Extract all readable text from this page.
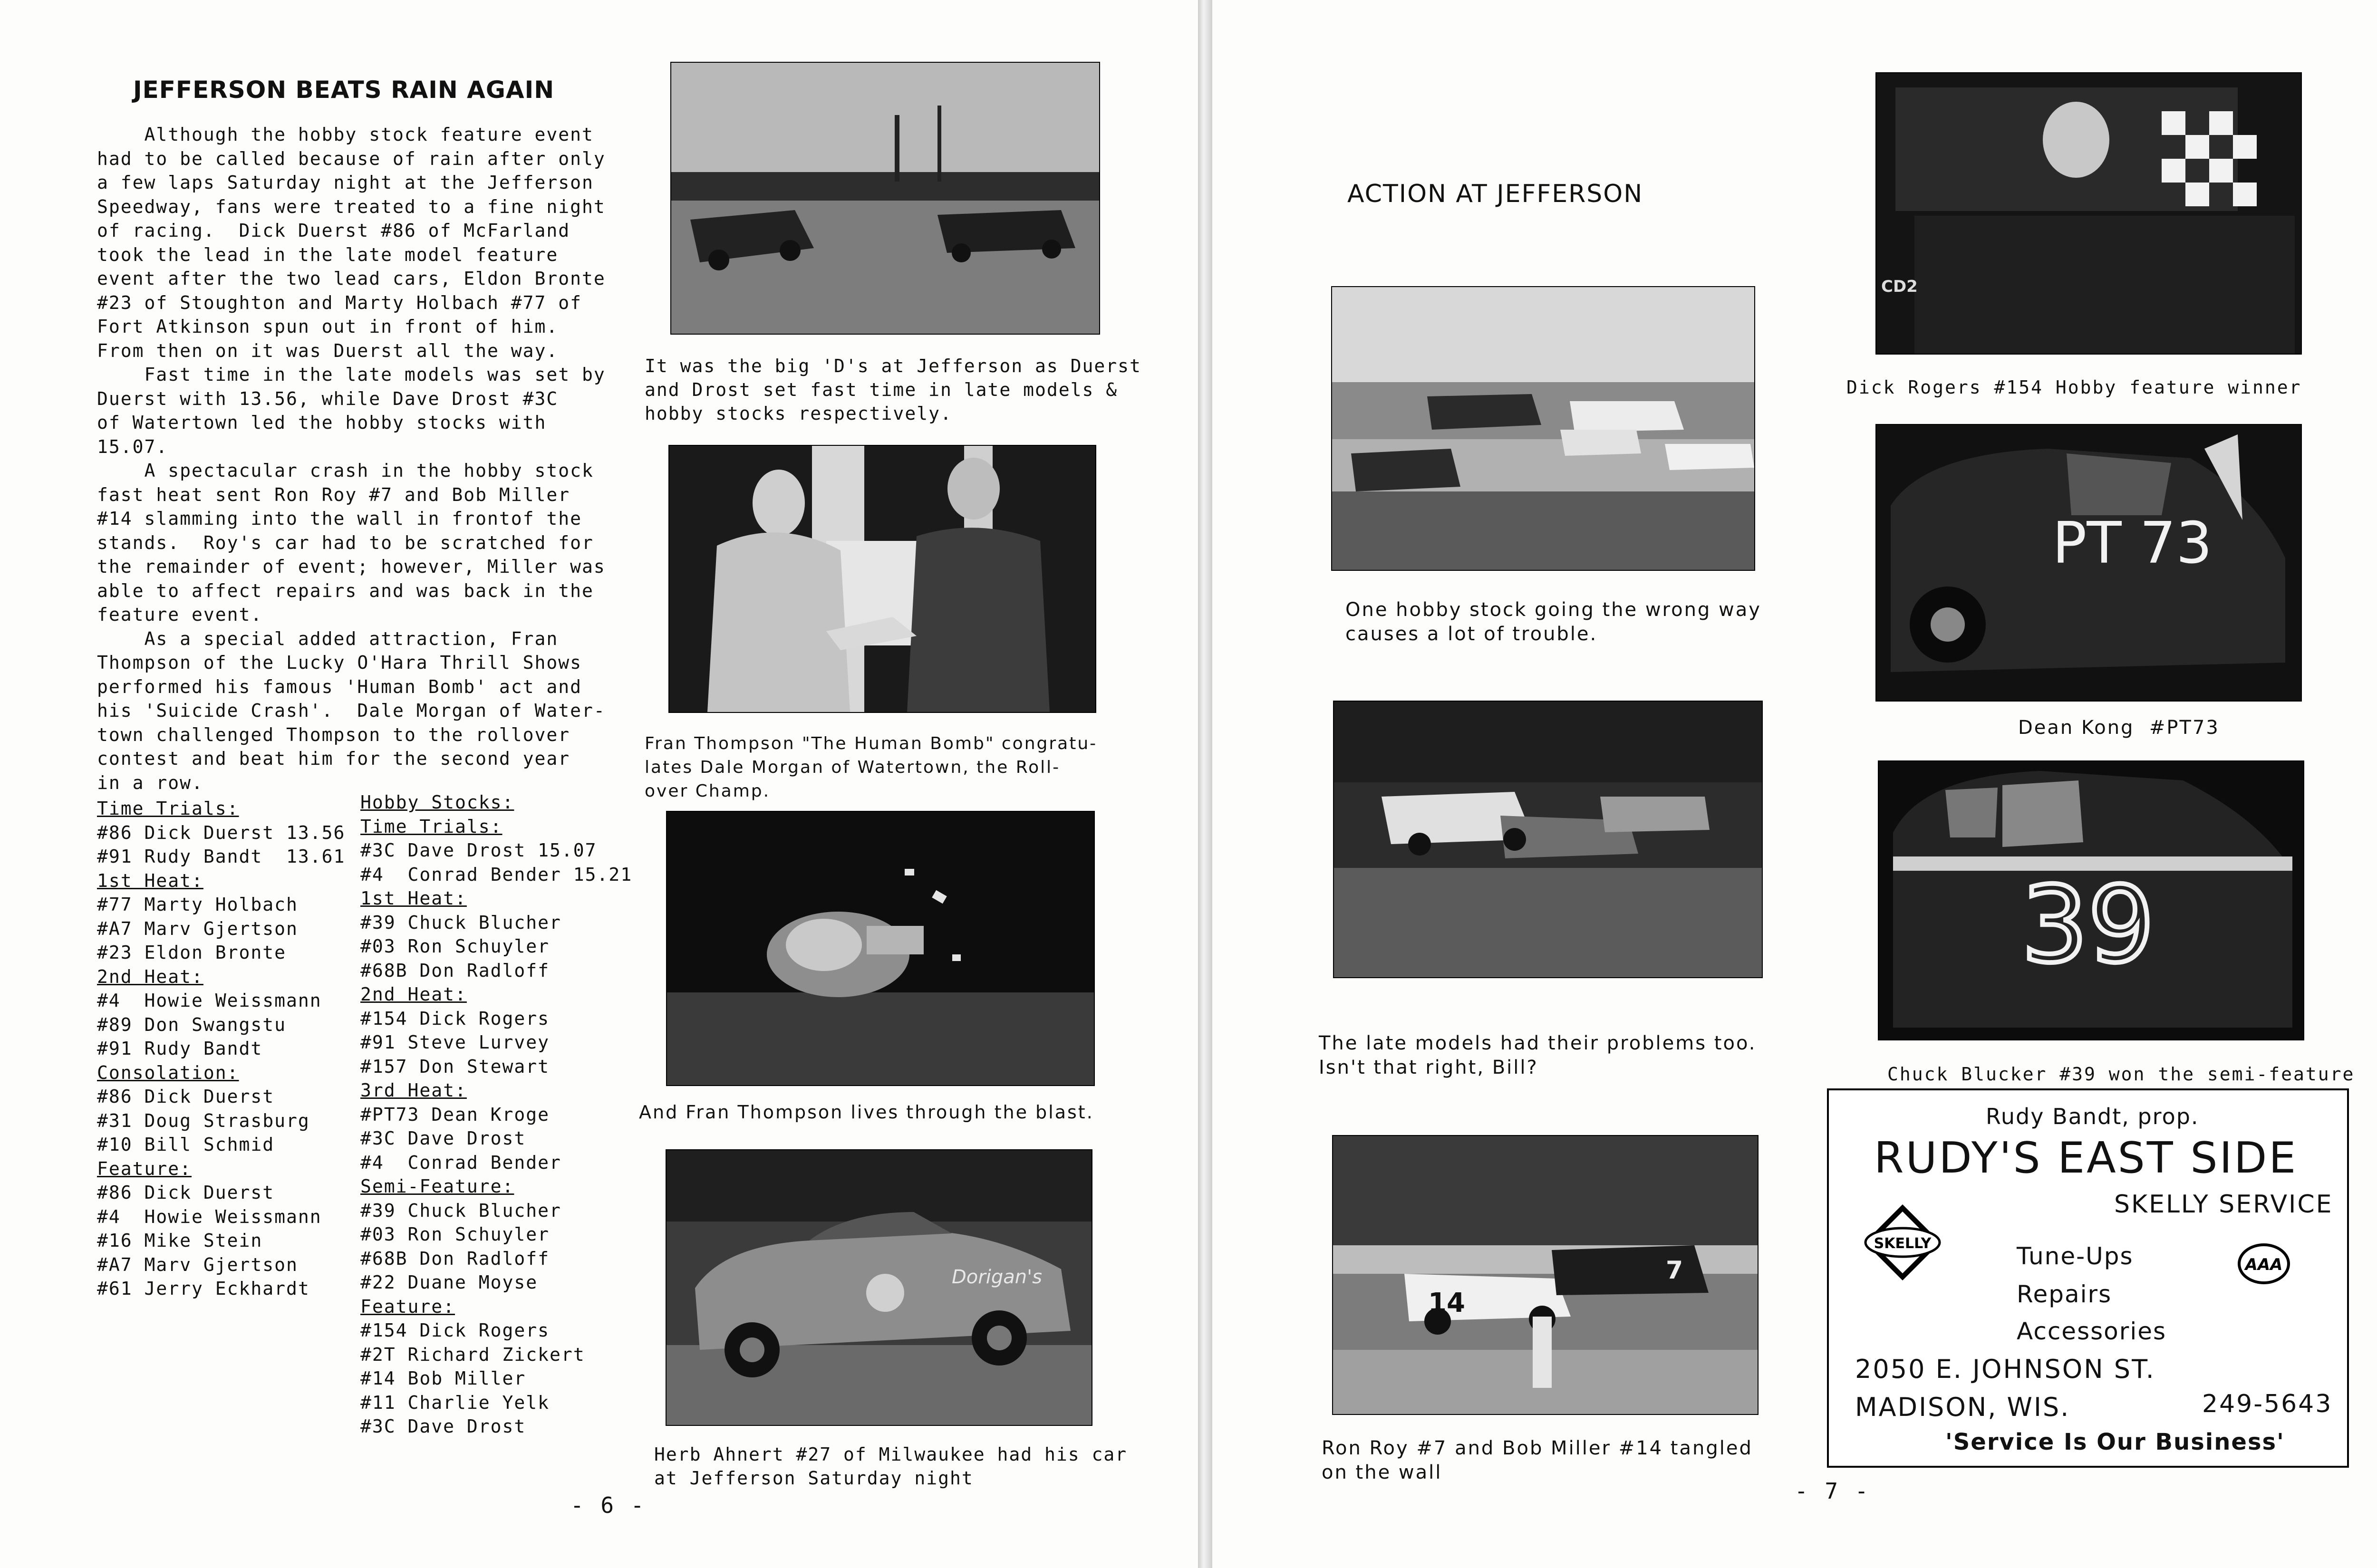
JEFFERSON BEATS RAIN AGAIN
Although the hobby stock feature event
had to be called because of rain after only
a few laps Saturday night at the Jefferson
Speedway, fans were treated to a fine night
of racing.  Dick Duerst #86 of McFarland
took the lead in the late model feature
event after the two lead cars, Eldon Bronte
#23 of Stoughton and Marty Holbach #77 of
Fort Atkinson spun out in front of him.
From then on it was Duerst all the way.
Fast time in the late models was set by
Duerst with 13.56, while Dave Drost #3C
of Watertown led the hobby stocks with
15.07.
A spectacular crash in the hobby stock
fast heat sent Ron Roy #7 and Bob Miller
#14 slamming into the wall in frontof the
stands.  Roy's car had to be scratched for
the remainder of event; however, Miller was
able to affect repairs and was back in the
feature event.
As a special added attraction, Fran
Thompson of the Lucky O'Hara Thrill Shows
performed his famous 'Human Bomb' act and
his 'Suicide Crash'.  Dale Morgan of Water-
town challenged Thompson to the rollover
contest and beat him for the second year
in a row.
Time Trials:
#86 Dick Duerst 13.56
#91 Rudy Bandt  13.61
1st Heat:
#77 Marty Holbach
#A7 Marv Gjertson
#23 Eldon Bronte
2nd Heat:
#4  Howie Weissmann
#89 Don Swangstu
#91 Rudy Bandt
Consolation:
#86 Dick Duerst
#31 Doug Strasburg
#10 Bill Schmid
Feature:
#86 Dick Duerst
#4  Howie Weissmann
#16 Mike Stein
#A7 Marv Gjertson
#61 Jerry Eckhardt
Hobby Stocks:
Time Trials:
#3C Dave Drost 15.07
#4  Conrad Bender 15.21
1st Heat:
#39 Chuck Blucher
#03 Ron Schuyler
#68B Don Radloff
2nd Heat:
#154 Dick Rogers
#91 Steve Lurvey
#157 Don Stewart
3rd Heat:
#PT73 Dean Kroge
#3C Dave Drost
#4  Conrad Bender
Semi-Feature:
#39 Chuck Blucher
#03 Ron Schuyler
#68B Don Radloff
#22 Duane Moyse
Feature:
#154 Dick Rogers
#2T Richard Zickert
#14 Bob Miller
#11 Charlie Yelk
#3C Dave Drost
It was the big 'D's at Jefferson as Duerst
and Drost set fast time in late models &
hobby stocks respectively.
Fran Thompson "The Human Bomb" congratu-
lates Dale Morgan of Watertown, the Roll-
over Champ.
And Fran Thompson lives through the blast.
Dorigan's
Herb Ahnert #27 of Milwaukee had his car
at Jefferson Saturday night
- 6 -
ACTION AT JEFFERSON
One hobby stock going the wrong way
causes a lot of trouble.
The late models had their problems too.
Isn't that right, Bill?
14
7
Ron Roy #7 and Bob Miller #14 tangled
on the wall
- 7 -
CD2
Dick Rogers #154 Hobby feature winner
PT 73
Dean Kong  #PT73
39
Chuck Blucker #39 won the semi-feature
Rudy Bandt, prop.
RUDY'S EAST SIDE
SKELLY SERVICE
SKELLY	Tune-Ups
Repairs
Accessories
AAA
2050 E. JOHNSON ST.
MADISON, WIS.	249-5643
'Service Is Our Business'
